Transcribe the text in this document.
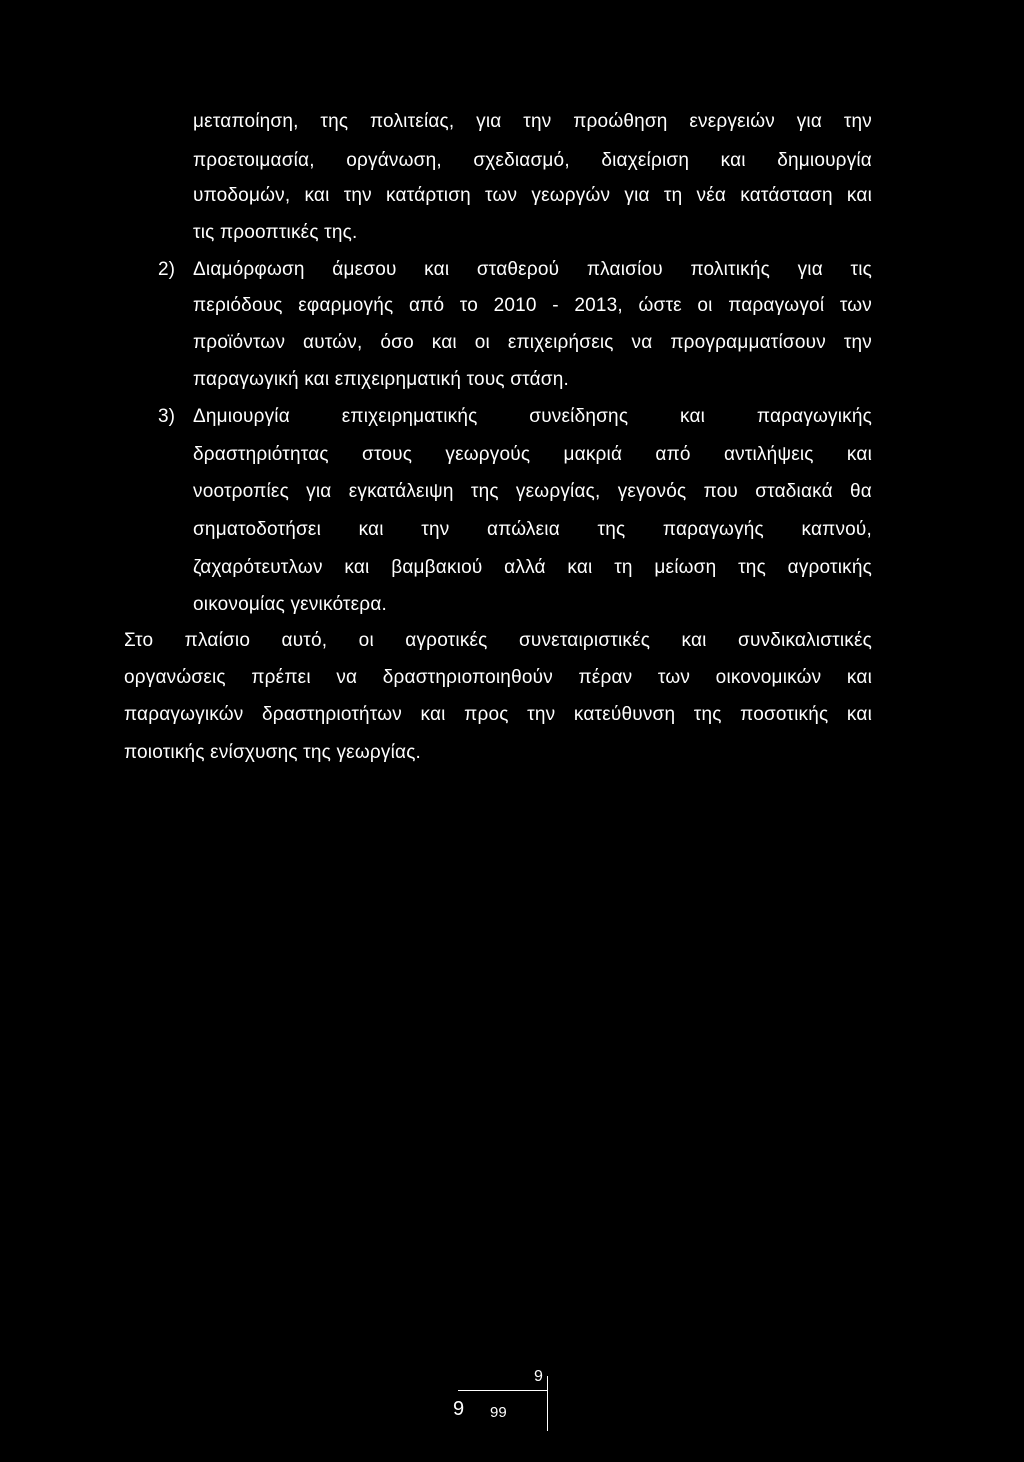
μεταποίηση, της πολιτείας, για την προώθηση ενεργειών για την
προετοιμασία, οργάνωση, σχεδιασμό, διαχείριση και δημιουργία
υποδομών, και την κατάρτιση των γεωργών για τη νέα κατάσταση και
τις προοπτικές της.
2) Διαμόρφωση άμεσου και σταθερού πλαισίου πολιτικής για τις
περιόδους εφαρμογής από το 2010 - 2013, ώστε οι παραγωγοί των
προϊόντων αυτών, όσο και οι επιχειρήσεις να προγραμματίσουν την
παραγωγική και επιχειρηματική τους στάση.
3) Δημιουργία επιχειρηματικής συνείδησης και παραγωγικής
δραστηριότητας στους γεωργούς μακριά από αντιλήψεις και
νοοτροπίες για εγκατάλειψη της γεωργίας, γεγονός που σταδιακά θα
σηματοδοτήσει και την απώλεια της παραγωγής καπνού,
ζαχαρότευτλων και βαμβακιού αλλά και τη μείωση της αγροτικής
οικονομίας γενικότερα.
Στο πλαίσιο αυτό, οι αγροτικές συνεταιριστικές και συνδικαλιστικές
οργανώσεις πρέπει να δραστηριοποιηθούν πέραν των οικονομικών και
παραγωγικών δραστηριοτήτων και προς την κατεύθυνση της ποσοτικής και
ποιοτικής ενίσχυσης της γεωργίας.
9
9 99
